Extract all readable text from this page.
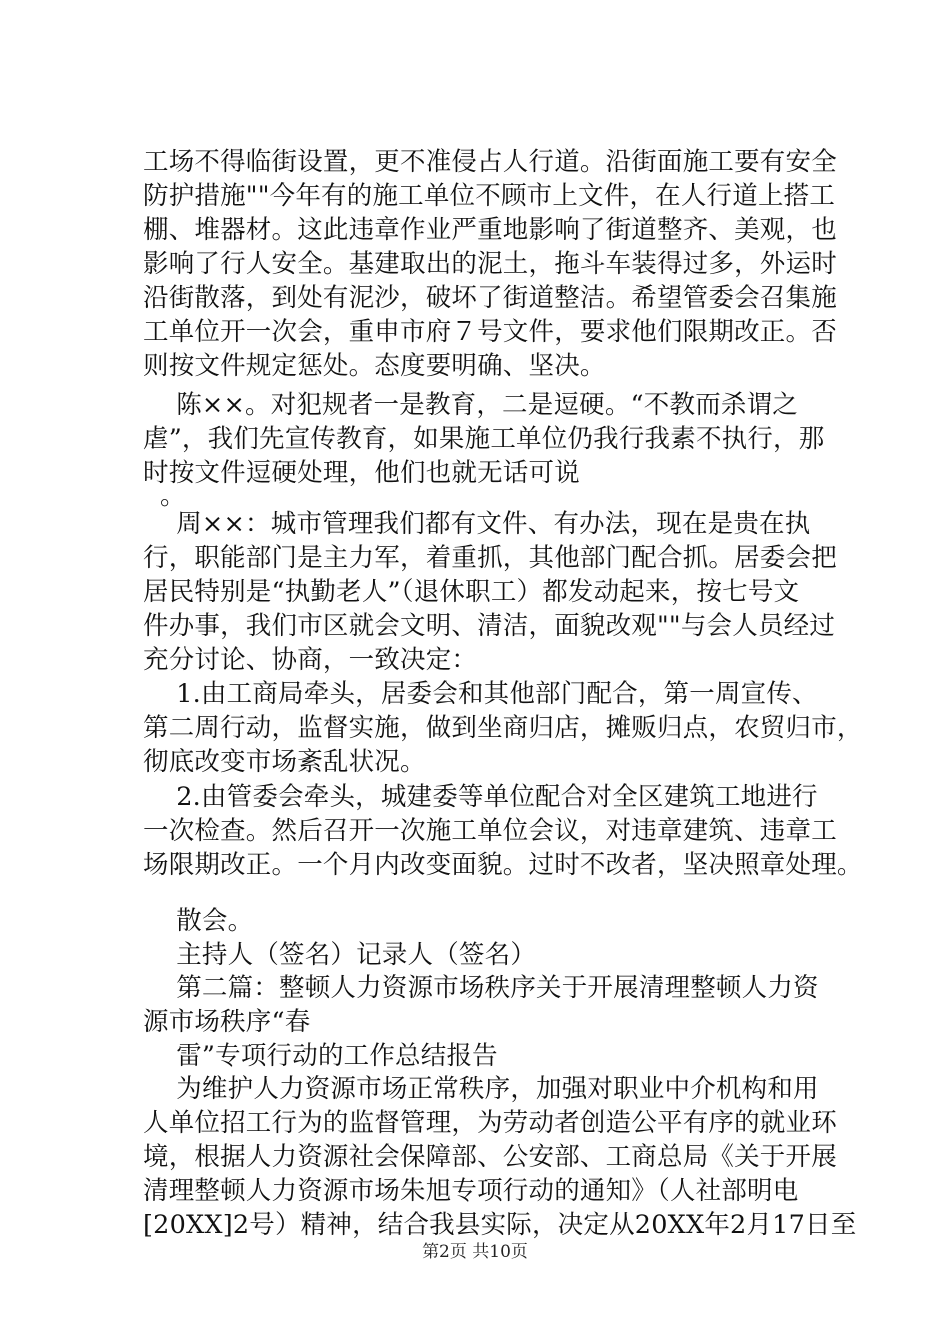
工场不得临街设置，更不准侵占人行道。沿街面施工要有安全
防护措施""今年有的施工单位不顾市上文件，在人行道上搭工
棚、堆器材。这此违章作业严重地影响了街道整齐、美观，也
影响了行人安全。基建取出的泥土，拖斗车装得过多，外运时
沿街散落，到处有泥沙，破坏了街道整洁。希望管委会召集施
工单位开一次会，重申市府７号文件，要求他们限期改正。否
则按文件规定惩处。态度要明确、坚决。
陈××。对犯规者一是教育，二是逗硬。“不教而杀谓之
虐”，我们先宣传教育，如果施工单位仍我行我素不执行，那
时按文件逗硬处理，他们也就无话可说
。
周××：城市管理我们都有文件、有办法，现在是贵在执
行，职能部门是主力军，着重抓，其他部门配合抓。居委会把
居民特别是“执勤老人”（退休职工）都发动起来，按七号文
件办事，我们市区就会文明、清洁，面貌改观""与会人员经过
充分讨论、协商，一致决定：
1.由工商局牵头，居委会和其他部门配合，第一周宣传、
第二周行动，监督实施，做到坐商归店，摊贩归点，农贸归市，
彻底改变市场紊乱状况。
2.由管委会牵头，城建委等单位配合对全区建筑工地进行
一次检查。然后召开一次施工单位会议，对违章建筑、违章工
场限期改正。一个月内改变面貌。过时不改者，坚决照章处理。
散会。
主持人（签名）记录人（签名）
第二篇：整顿人力资源市场秩序关于开展清理整顿人力资
源市场秩序“春
雷”专项行动的工作总结报告
为维护人力资源市场正常秩序，加强对职业中介机构和用
人单位招工行为的监督管理，为劳动者创造公平有序的就业环
境，根据人力资源社会保障部、公安部、工商总局《关于开展
清理整顿人力资源市场朱旭专项行动的通知》（人社部明电
[20XX]2号）精神，结合我县实际，决定从20XX年2月17日至
第2页 共10页
